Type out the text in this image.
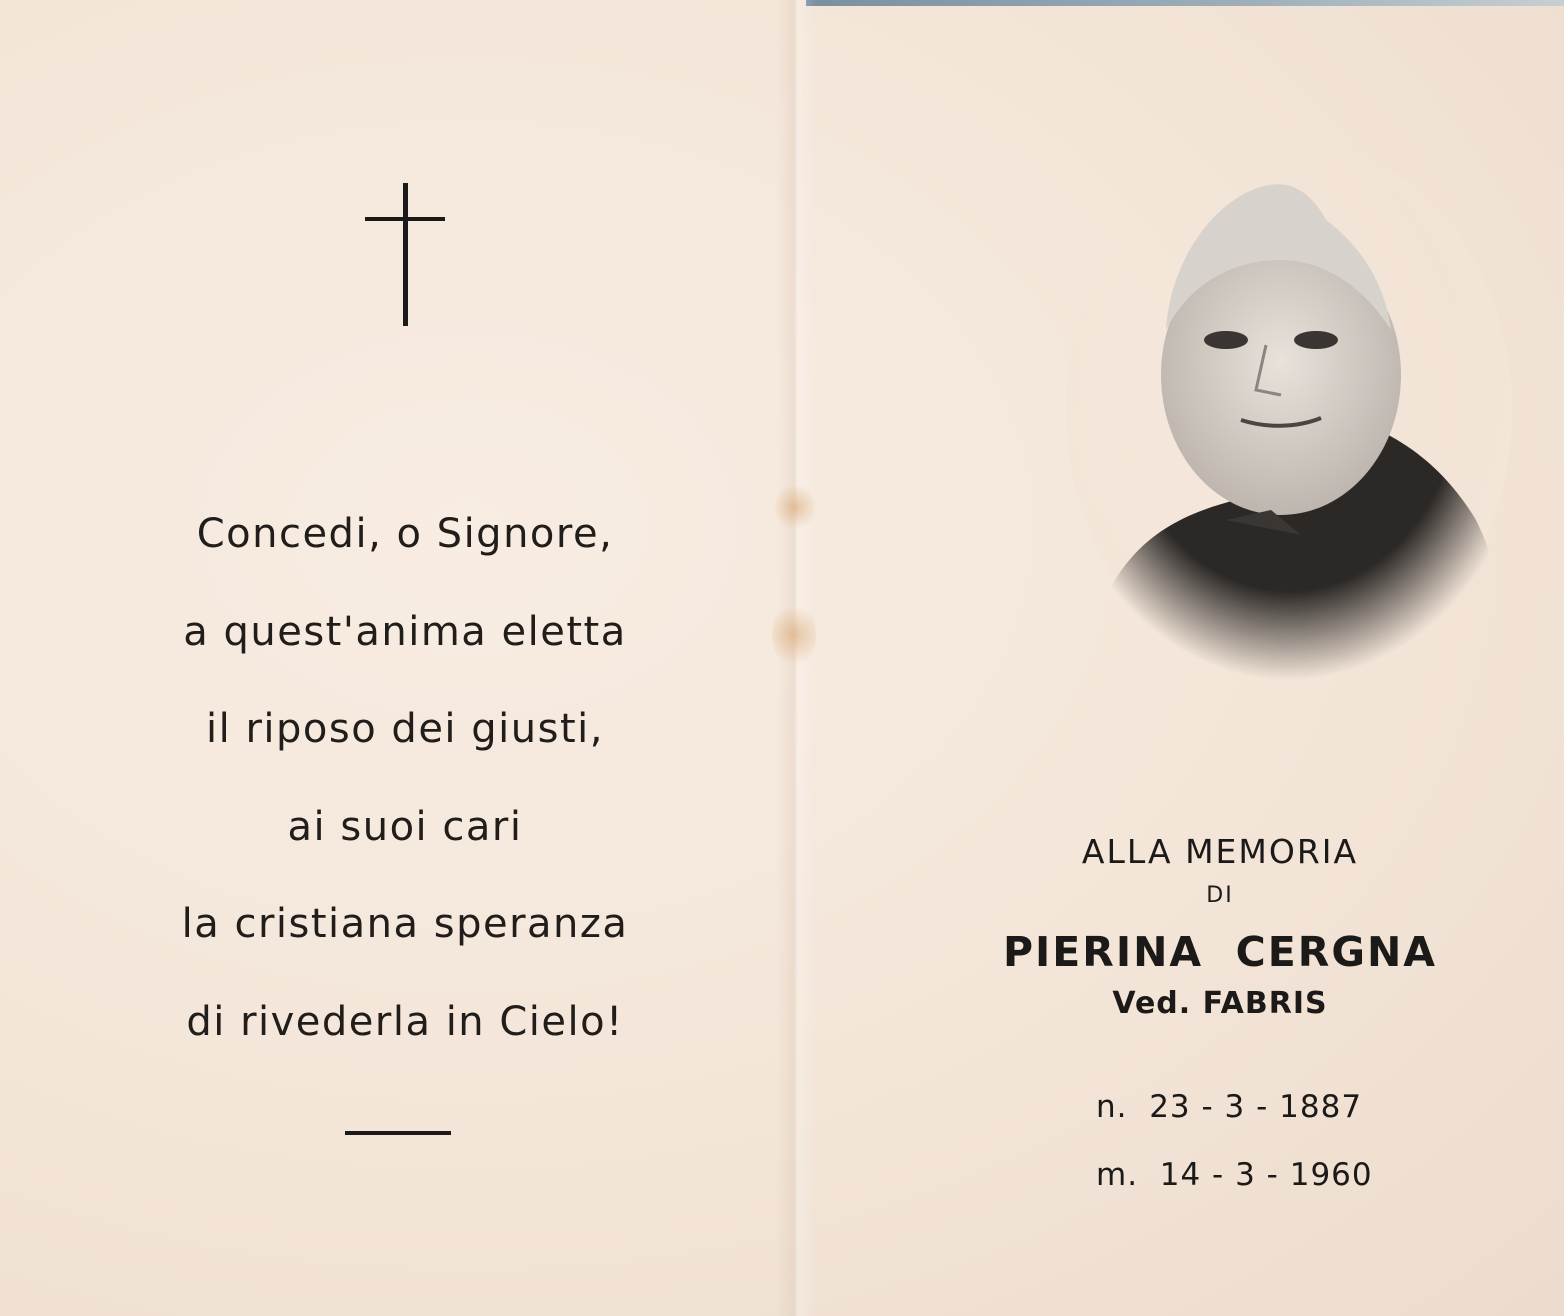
Concedi, o Signore,
a quest'anima eletta
il riposo dei giusti,
ai suoi cari
la cristiana speranza
di rivederla in Cielo!
ALLA MEMORIA
DI
PIERINA  CERGNA
Ved. FABRIS
n.  23 - 3 - 1887
m.  14 - 3 - 1960
